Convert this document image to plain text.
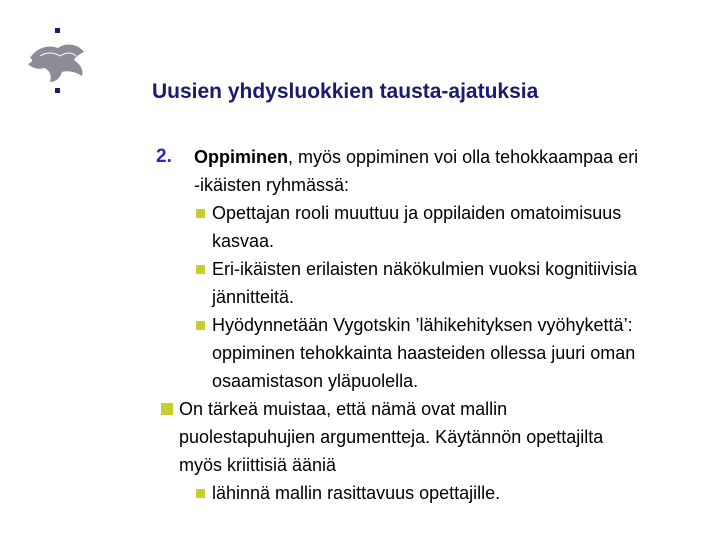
Uusien yhdysluokkien tausta-ajatuksia
2. Oppiminen, myös oppiminen voi olla tehokkaampaa eri
-ikäisten ryhmässä:
Opettajan rooli muuttuu ja oppilaiden omatoimisuus
kasvaa.
Eri-ikäisten erilaisten näkökulmien vuoksi kognitiivisia
jännitteitä.
Hyödynnetään Vygotskin ’lähikehityksen vyöhykettä’:
oppiminen tehokkainta haasteiden ollessa juuri oman
osaamistason yläpuolella.
On tärkeä muistaa, että nämä ovat mallin
puolestapuhujien argumentteja. Käytännön opettajilta
myös kriittisiä ääniä
lähinnä mallin rasittavuus opettajille.
